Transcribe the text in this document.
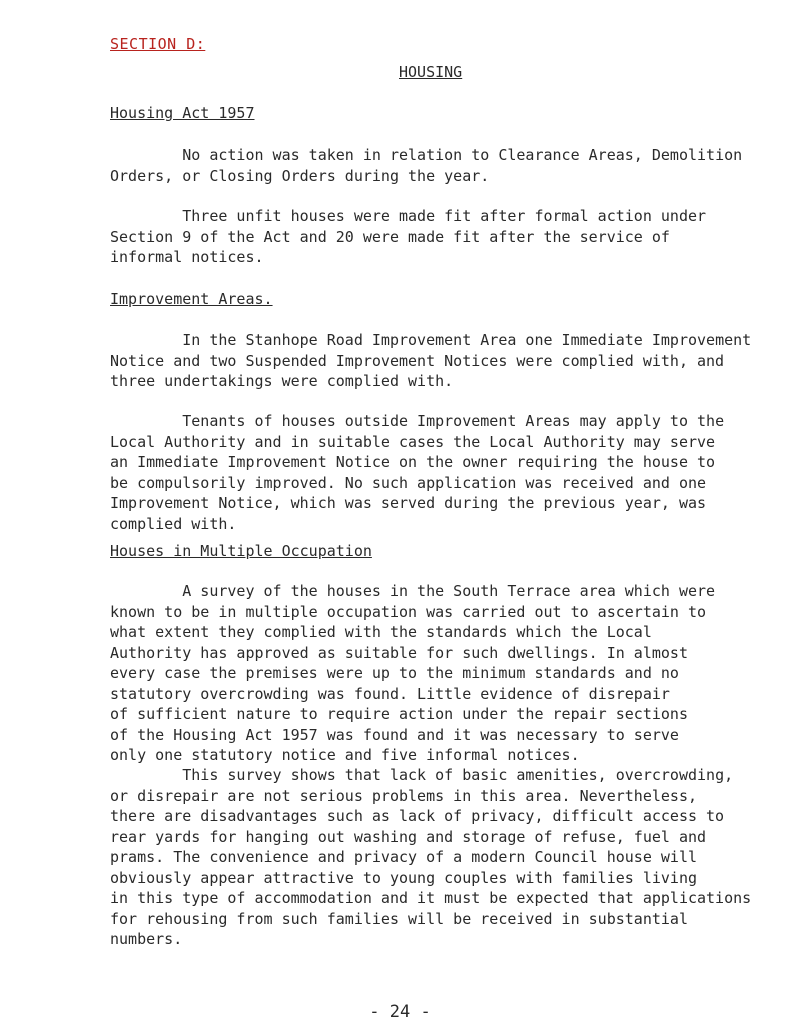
SECTION D:
HOUSING
Housing Act 1957

No action was taken in relation to Clearance Areas, Demolition
Orders, or Closing Orders during the year.

Three unfit houses were made fit after formal action under
Section 9 of the Act and 20 were made fit after the service of
informal notices.

Improvement Areas.

In the Stanhope Road Improvement Area one Immediate Improvement
Notice and two Suspended Improvement Notices were complied with, and
three undertakings were complied with.

Tenants of houses outside Improvement Areas may apply to the
Local Authority and in suitable cases the Local Authority may serve
an Immediate Improvement Notice on the owner requiring the house to
be compulsorily improved. No such application was received and one
Improvement Notice, which was served during the previous year, was
complied with.

Houses in Multiple Occupation

A survey of the houses in the South Terrace area which were
known to be in multiple occupation was carried out to ascertain to
what extent they complied with the standards which the Local
Authority has approved as suitable for such dwellings. In almost
every case the premises were up to the minimum standards and no
statutory overcrowding was found. Little evidence of disrepair
of sufficient nature to require action under the repair sections
of the Housing Act 1957 was found and it was necessary to serve
only one statutory notice and five informal notices.

This survey shows that lack of basic amenities, overcrowding,
or disrepair are not serious problems in this area. Nevertheless,
there are disadvantages such as lack of privacy, difficult access to
rear yards for hanging out washing and storage of refuse, fuel and
prams. The convenience and privacy of a modern Council house will
obviously appear attractive to young couples with families living
in this type of accommodation and it must be expected that applications
for rehousing from such families will be received in substantial
numbers.

- 24 -
